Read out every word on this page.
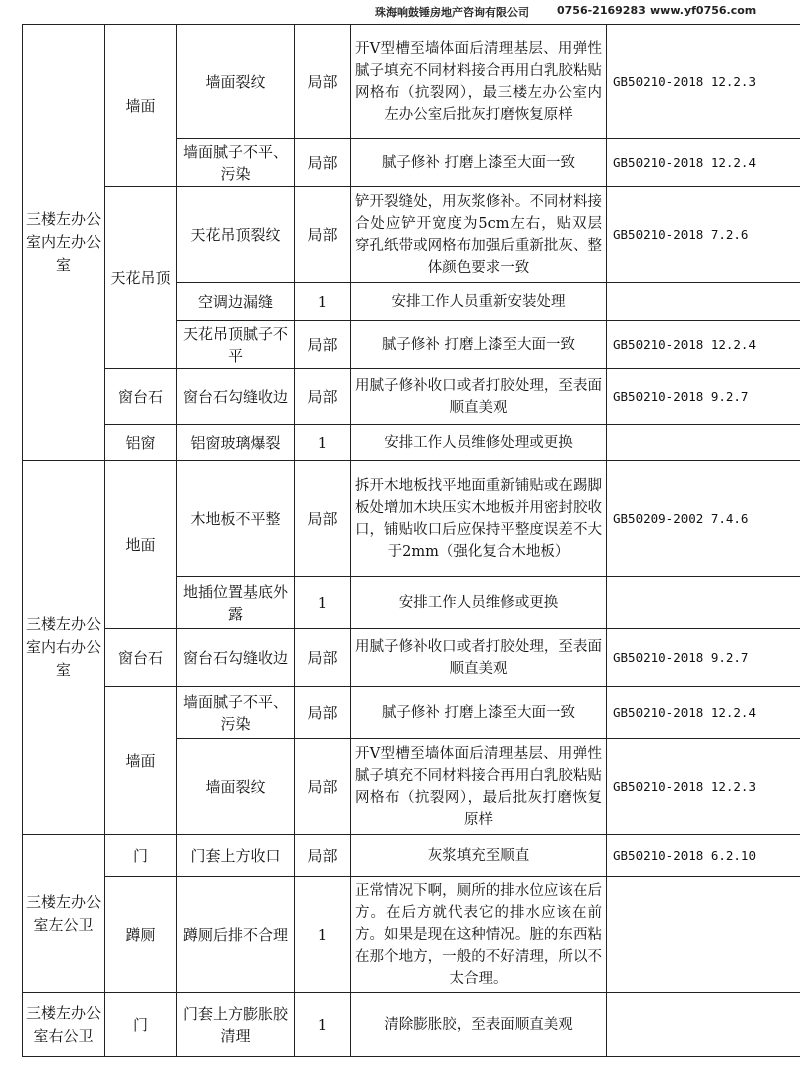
珠海响鼓锤房地产咨询有限公司	0756-2169283 www.yf0756.com
三楼左办公室内左办公室	墙面	墙面裂纹	局部	开V型槽至墙体面后清理基层、用弹性腻子填充不同材料接合再用白乳胶粘贴网格布（抗裂网），最三楼左办公室内左办公室后批灰打磨恢复原样	GB50210-2018 12.2.3
		墙面腻子不平、污染	局部	腻子修补 打磨上漆至大面一致	GB50210-2018 12.2.4
	天花吊顶	天花吊顶裂纹	局部	铲开裂缝处，用灰浆修补。不同材料接合处应铲开宽度为5cm左右，贴双层穿孔纸带或网格布加强后重新批灰、整体颜色要求一致	GB50210-2018 7.2.6
		空调边漏缝	1	安排工作人员重新安装处理	
		天花吊顶腻子不平	局部	腻子修补 打磨上漆至大面一致	GB50210-2018 12.2.4
	窗台石	窗台石勾缝收边	局部	用腻子修补收口或者打胶处理，至表面顺直美观	GB50210-2018 9.2.7
	铝窗	铝窗玻璃爆裂	1	安排工作人员维修处理或更换	
三楼左办公室内右办公室	地面	木地板不平整	局部	拆开木地板找平地面重新铺贴或在踢脚板处增加木块压实木地板并用密封胶收口，铺贴收口后应保持平整度误差不大于2mm（强化复合木地板）	GB50209-2002 7.4.6
		地插位置基底外露	1	安排工作人员维修或更换	
	窗台石	窗台石勾缝收边	局部	用腻子修补收口或者打胶处理，至表面顺直美观	GB50210-2018 9.2.7
	墙面	墙面腻子不平、污染	局部	腻子修补 打磨上漆至大面一致	GB50210-2018 12.2.4
		墙面裂纹	局部	开V型槽至墙体面后清理基层、用弹性腻子填充不同材料接合再用白乳胶粘贴网格布（抗裂网），最后批灰打磨恢复原样	GB50210-2018 12.2.3
三楼左办公室左公卫	门	门套上方收口	局部	灰浆填充至顺直	GB50210-2018 6.2.10
	蹲厕	蹲厕后排不合理	1	正常情况下啊，厕所的排水位应该在后方。在后方就代表它的排水应该在前方。如果是现在这种情况。脏的东西粘在那个地方，一般的不好清理，所以不太合理。	
三楼左办公室右公卫	门	门套上方膨胀胶清理	1	清除膨胀胶，至表面顺直美观	
